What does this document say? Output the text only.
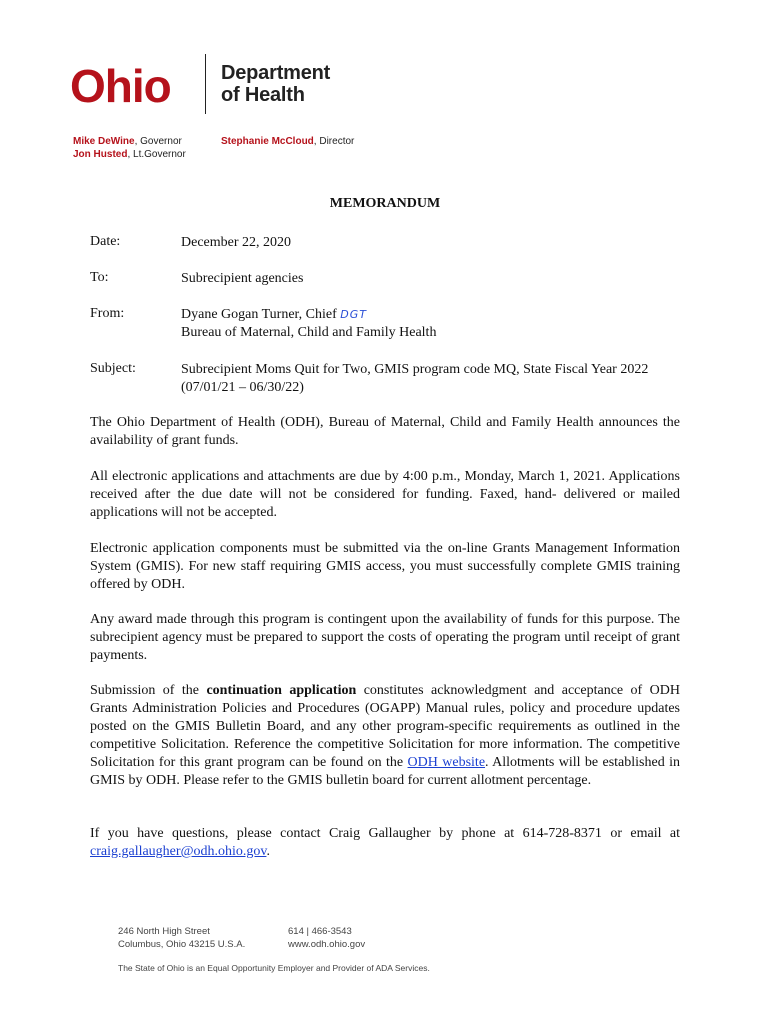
Ohio	Department
of Health
Mike DeWine, Governor
Jon Husted, Lt.Governor
Stephanie McCloud, Director
MEMORANDUM
Date:	December 22, 2020
To:	Subrecipient agencies
From:	Dyane Gogan Turner, Chief DGT
Bureau of Maternal, Child and Family Health
Subject:	Subrecipient Moms Quit for Two, GMIS program code MQ, State Fiscal Year 2022 (07/01/21 – 06/30/22)
The Ohio Department of Health (ODH), Bureau of Maternal, Child and Family Health announces the availability of grant funds.
All electronic applications and attachments are due by 4:00 p.m., Monday, March 1, 2021. Applications received after the due date will not be considered for funding. Faxed, hand- delivered or mailed applications will not be accepted.
Electronic application components must be submitted via the on-line Grants Management Information System (GMIS). For new staff requiring GMIS access, you must successfully complete GMIS training offered by ODH.
Any award made through this program is contingent upon the availability of funds for this purpose. The subrecipient agency must be prepared to support the costs of operating the program until receipt of grant payments.
Submission of the continuation application constitutes acknowledgment and acceptance of ODH Grants Administration Policies and Procedures (OGAPP) Manual rules, policy and procedure updates posted on the GMIS Bulletin Board, and any other program-specific requirements as outlined in the competitive Solicitation. Reference the competitive Solicitation for more information. The competitive Solicitation for this grant program can be found on the ODH website. Allotments will be established in GMIS by ODH. Please refer to the GMIS bulletin board for current allotment percentage.
If you have questions, please contact Craig Gallaugher by phone at 614-728-8371 or email at craig.gallaugher@odh.ohio.gov.
246 North High Street
Columbus, Ohio 43215 U.S.A.
614 | 466-3543
www.odh.ohio.gov
The State of Ohio is an Equal Opportunity Employer and Provider of ADA Services.
